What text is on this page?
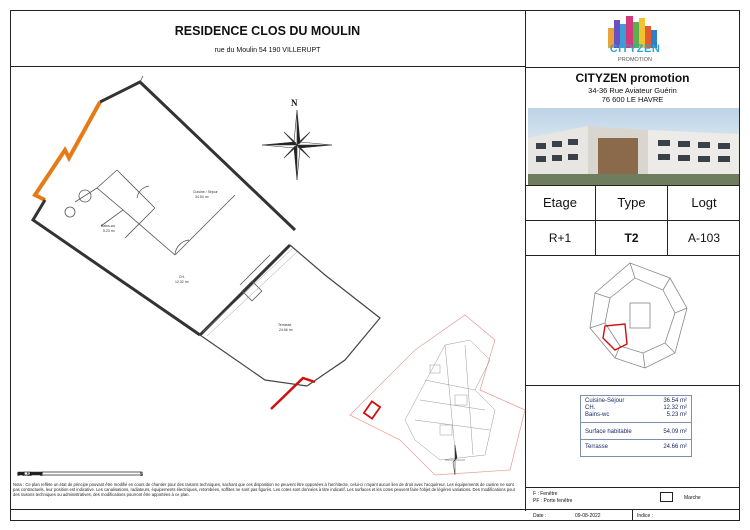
RESIDENCE CLOS DU MOULIN
rue du Moulin 54 190 VILLERUPT	CITYZEN
PROMOTION
CITYZEN promotion
34-36 Rue Aviateur Guérin
76 600 LE HAVRE
Etage	Type	Logt
R+1	T2	A-103
Cuisine-Séjour	36.54 m²
CH.	12.32 m²
Bains-wc	5.23 m²
Surface habitable	54.09 m²
Terrasse	24.66 m²
F : Fenêtre
PF : Porte fenêtre	Marche
Nota : Ce plan reflète un état de principe pouvant être modifié en cours de chantier pour des raisons techniques, sachant que ces disposition ne peuvent être opposées à l'architecte, celui-ci n'ayant aucun lien de droit avec l'acquéreur. Les équipements de cuisine ne sont pas contractuels, leur position est indicative. Les canalisations, radiateurs, équipements électriques, retombées, soffites ne sont pas figurés. Les cotes sont données à titre indicatif. Les surfaces et les cotes peuvent faire l'objet de légères variations. Des modifications pour des raisons techniques ou administratives, des modifications pourront être apportées à ce plan.
Date :	09-08-2022	Indice :
0 0.5 1 2	5
N
Cuisine / Séjour
34.54 m²
CH.
12.32 m²
Bains-wc
5.23 m²
Terrasse
24.66 m²
